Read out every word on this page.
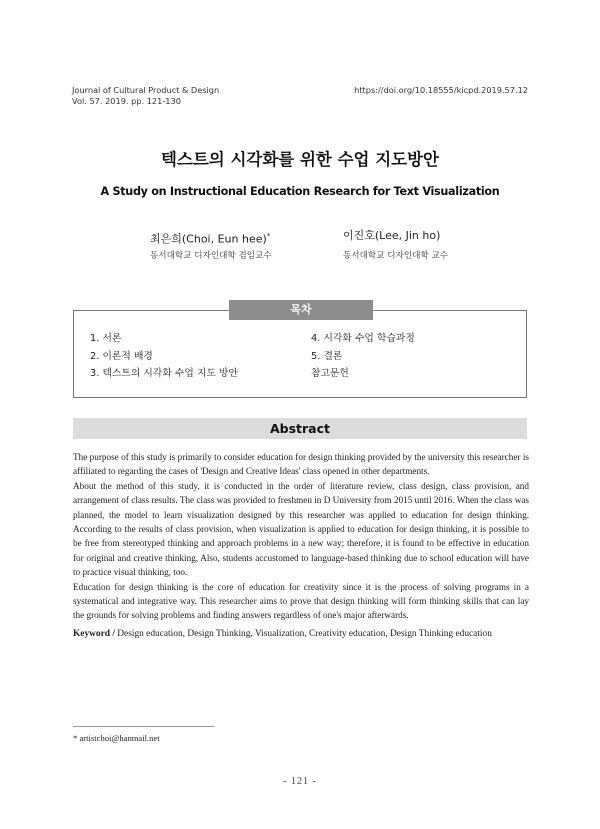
Journal of Cultural Product & Design
Vol. 57. 2019. pp. 121-130
https://doi.org/10.18555/kicpd.2019.57.12
텍스트의 시각화를 위한 수업 지도방안
A Study on Instructional Education Research for Text Visualization
최은희(Choi, Eun hee)*
동서대학교 디자인대학 겸임교수
이진호(Lee, Jin ho)
동서대학교 디자인대학 교수
목차
1. 서론
2. 이론적 배경
3. 텍스트의 시각화 수업 지도 방안
4. 시각화 수업 학습과정
5. 결론
참고문헌
Abstract

The purpose of this study is primarily to consider education for design thinking provided by the university this researcher is affiliated to regarding the cases of 'Design and Creative Ideas' class opened in other departments.

About the method of this study, it is conducted in the order of literature review, class design, class provision, and arrangement of class results. The class was provided to freshmen in D University from 2015 until 2016. When the class was planned, the model to learn visualization designed by this researcher was applied to education for design thinking. According to the results of class provision, when visualization is applied to education for design thinking, it is possible to be free from stereotyped thinking and approach problems in a new way; therefore, it is found to be effective in education for original and creative thinking, Also, students accustomed to language-based thinking due to school education will have to practice visual thinking, too.

Education for design thinking is the core of education for creativity since it is the process of solving programs in a systematical and integrative way. This researcher aims to prove that design thinking will form thinking skills that can lay the grounds for solving problems and finding answers regardless of one's major afterwards.

Keyword / Design education, Design Thinking, Visualization, Creativity education, Design Thinking education
* artistchoi@hanmail.net
- 121 -
